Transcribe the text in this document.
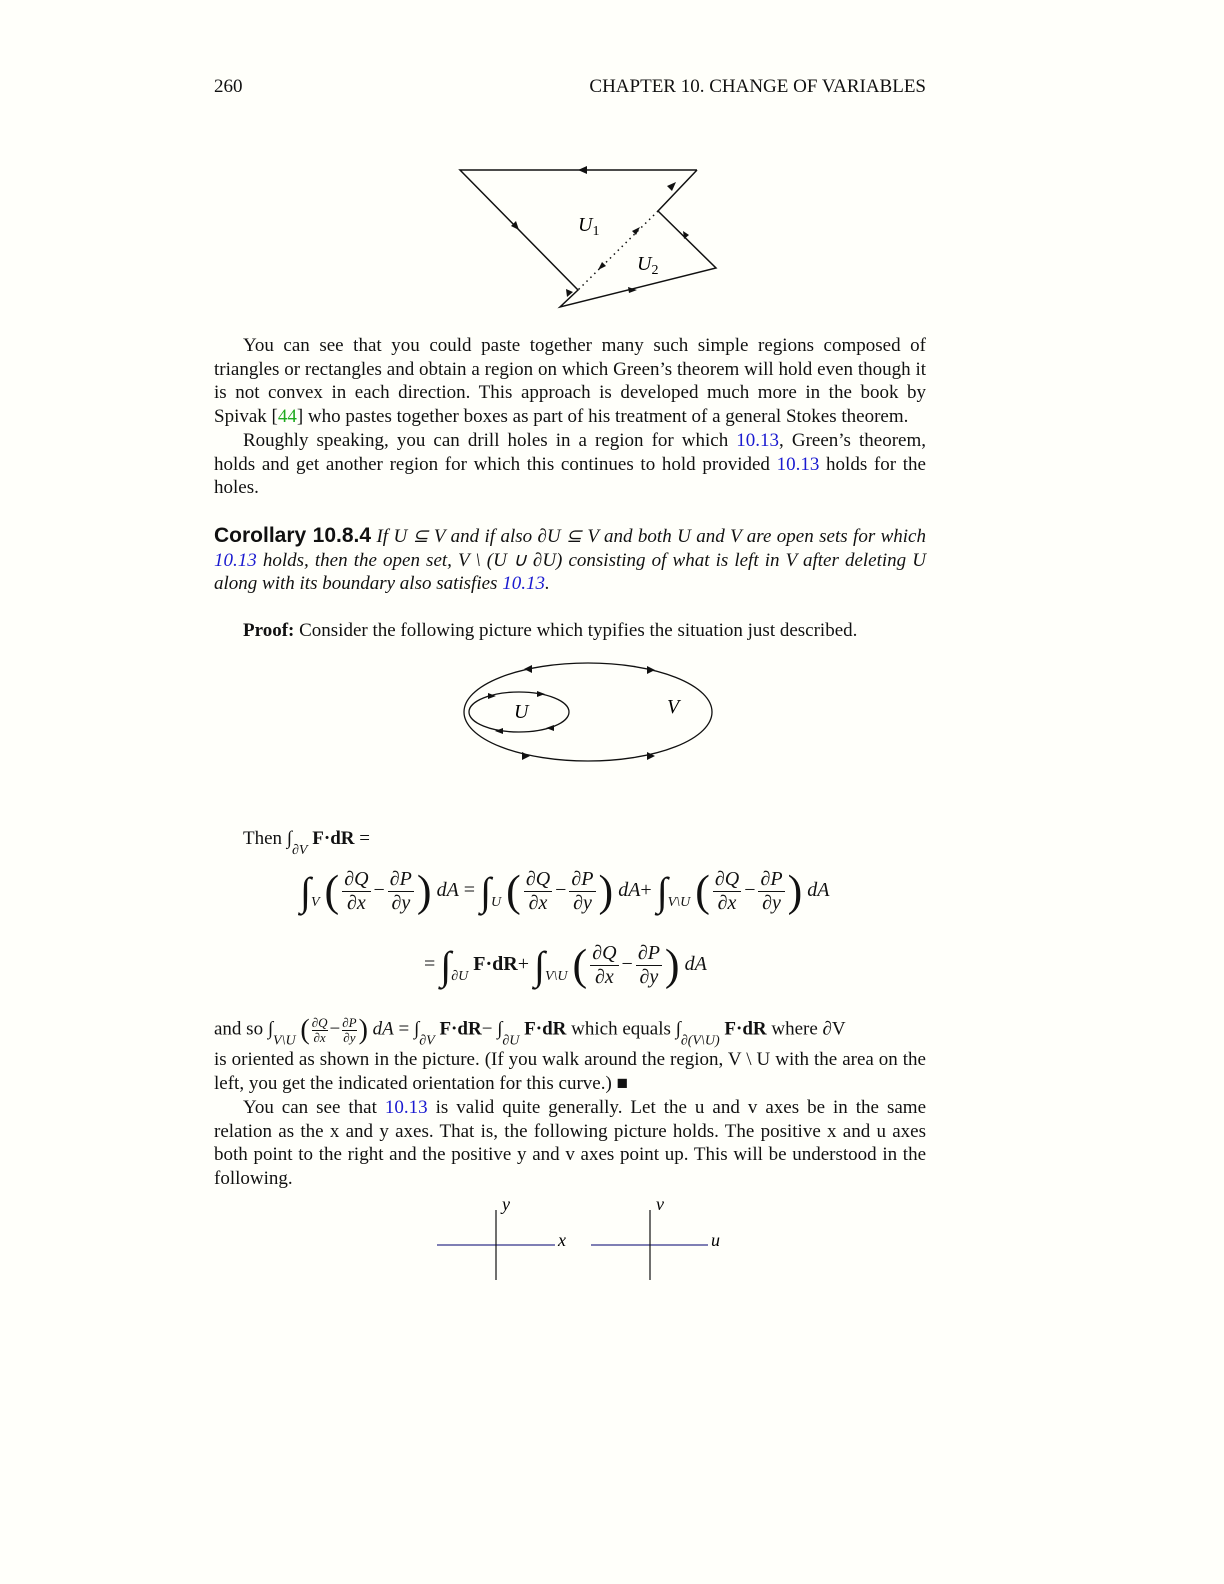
260	CHAPTER 10. CHANGE OF VARIABLES
$U_1$
$U_2$
You can see that you could paste together many such simple regions composed of triangles or rectangles and obtain a region on which Green’s theorem will hold even though it is not convex in each direction. This approach is developed much more in the book by Spivak [44] who pastes together boxes as part of his treatment of a general Stokes theorem.
Roughly speaking, you can drill holes in a region for which 10.13, Green’s theorem, holds and get another region for which this continues to hold provided 10.13 holds for the holes.
Corollary 10.8.4 If U ⊆ V and if also ∂U ⊆ V and both U and V are open sets for which 10.13 holds, then the open set, V \ (U ∪ ∂U) consisting of what is left in V after deleting U along with its boundary also satisfies 10.13.
Proof: Consider the following picture which typifies the situation just described.
U	V
Then $\int_{\partial V}$ F·dR =
$\int_V$ ( $\frac{\partial Q}{\partial x} - \frac{\partial P}{\partial y}$ ) dA = $\int_U$ ( $\frac{\partial Q}{\partial x} - \frac{\partial P}{\partial y}$ ) $dA+ \int_{V\backslash U}$ ( $\frac{\partial Q}{\partial x} - \frac{\partial P}{\partial y}$ ) dA
= $\int_{\partial U}$ $F\cdot dR+ \int_{V\backslash U}$ ( $\frac{\partial Q}{\partial x} - \frac{\partial P}{\partial y}$ ) dA
and so $\int_{V\backslash U}$ ( $\frac{\partial Q}{\partial x} - \frac{\partial P}{\partial y}$ ) dA = $\int_{\partial V}$ $F\cdot dR- \int_{\partial U}$ F·dR which equals $\int_{\partial(V\backslash U)}$ F·dR where ∂V
is oriented as shown in the picture. (If you walk around the region, V \ U with the area on the left, you get the indicated orientation for this curve.) ■
You can see that 10.13 is valid quite generally. Let the u and v axes be in the same relation as the x and y axes. That is, the following picture holds. The positive x and u axes both point to the right and the positive y and v axes point up. This will be understood in the following.
y
x
v
u
